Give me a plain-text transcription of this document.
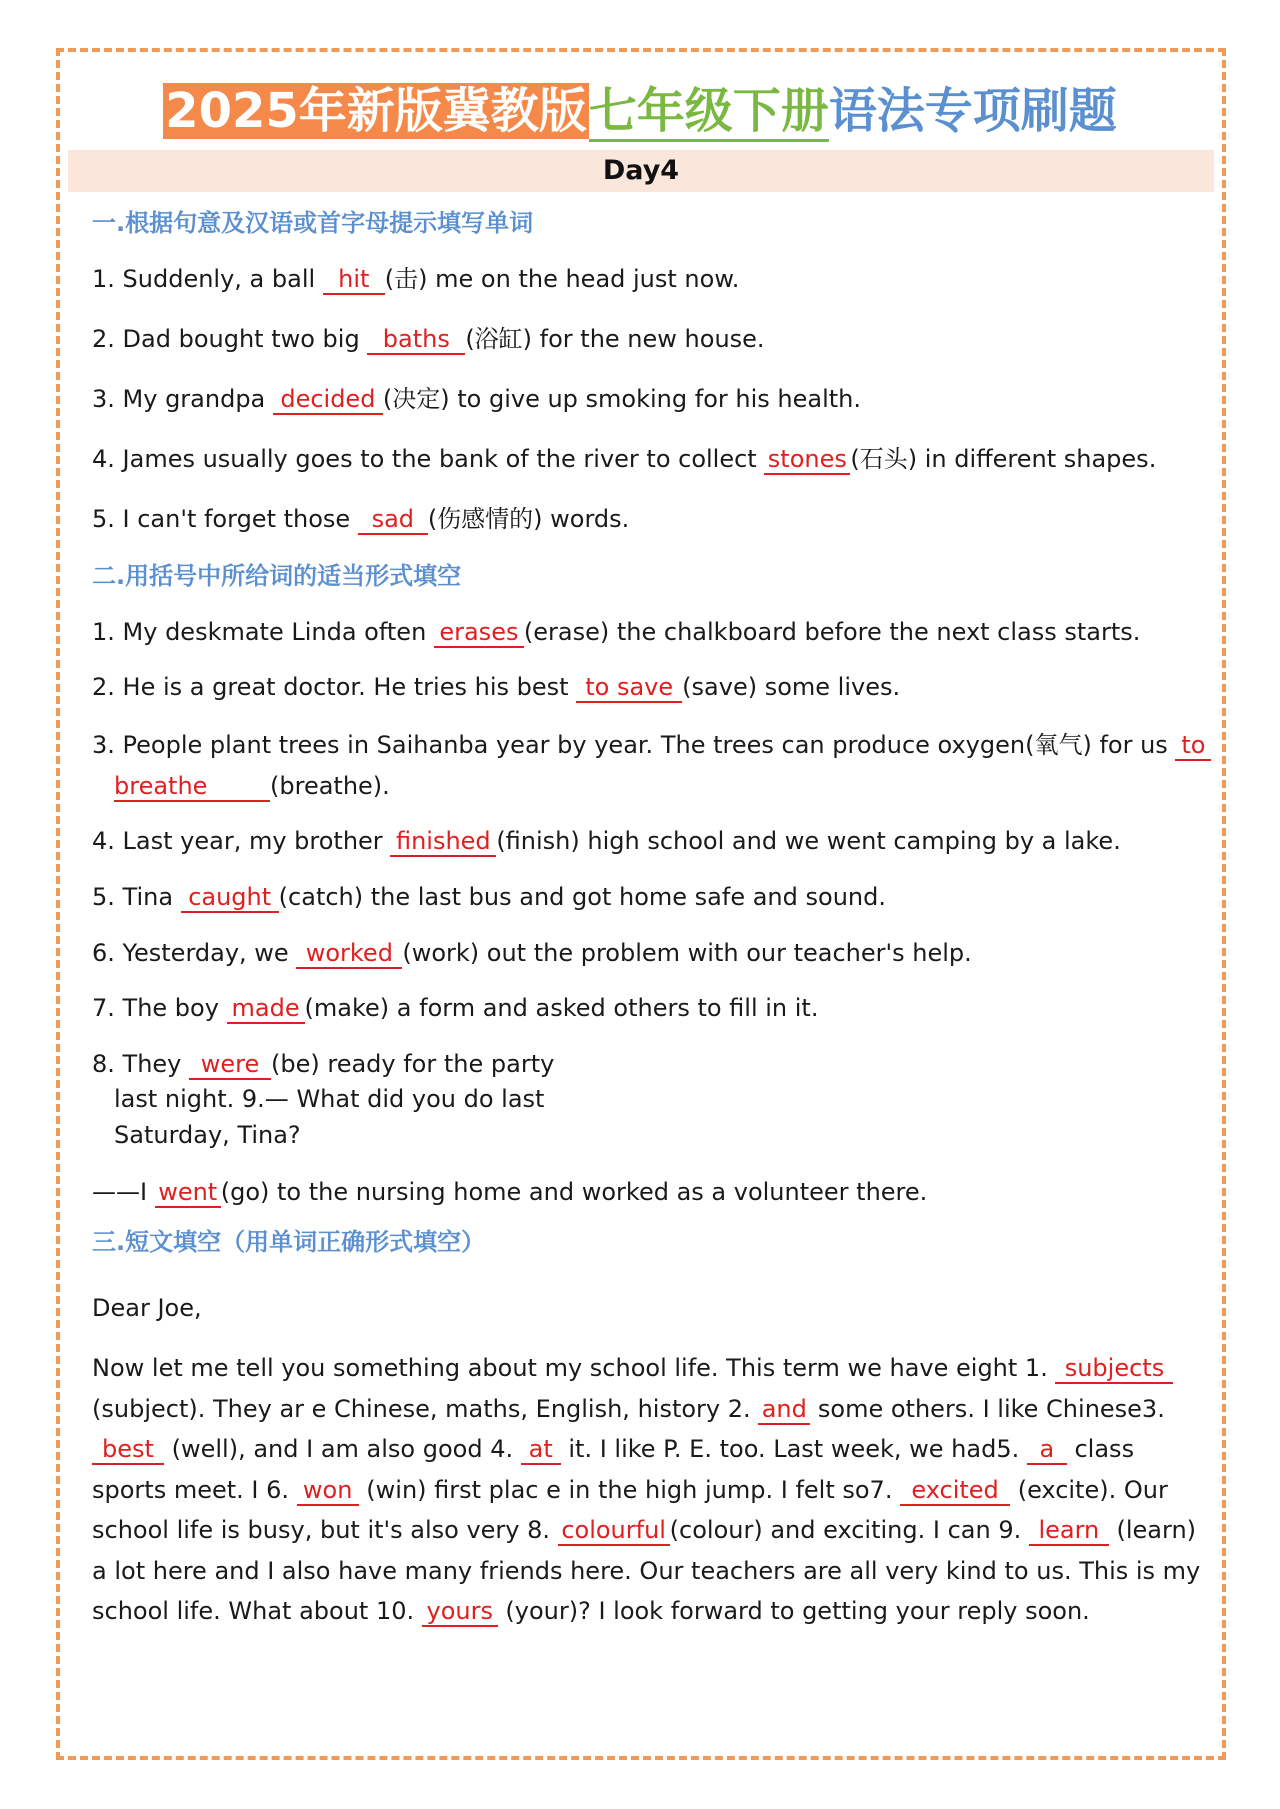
2025年新版冀教版七年级下册语法专项刷题
Day4
一.根据句意及汉语或首字母提示填写单词
1. Suddenly, a ball hit (击) me on the head just now.
2. Dad bought two big baths (浴缸) for the new house.
3. My grandpa decided (决定) to give up smoking for his health.
4. James usually goes to the bank of the river to collect stones (石头) in different shapes.
5. I can't forget those sad (伤感情的) words.
二.用括号中所给词的适当形式填空
1. My deskmate Linda often erases (erase) the chalkboard before the next class starts.
2. He is a great doctor. He tries his best to save (save) some lives.
3. People plant trees in Saihanba year by year. The trees can produce oxygen(氧气) for us to
breathe	(breathe).
4. Last year, my brother finished (finish) high school and we went camping by a lake.
5. Tina caught (catch) the last bus and got home safe and sound.
6. Yesterday, we worked (work) out the problem with our teacher's help.
7. The boy made (make) a form and asked others to fill in it.
8. They were (be) ready for the party
last night. 9.— What did you do last
Saturday, Tina?
——I went (go) to the nursing home and worked as a volunteer there.
三.短文填空（用单词正确形式填空）
Dear Joe,
Now let me tell you something about my school life. This term we have eight 1. subjects (subject). They ar e Chinese, maths, English, history 2. and some others. I like Chinese3. best (well), and I am also good 4. at it. I like P. E. too. Last week, we had5. a class sports meet. I 6. won (win) first plac e in the high jump. I felt so7. excited (excite). Our school life is busy, but it's also very 8. colourful (colour) and exciting. I can 9. learn (learn) a lot here and I also have many friends here. Our teachers are all very kind to us. This is my school life. What about 10. yours (your)? I look forward to getting your reply soon.
